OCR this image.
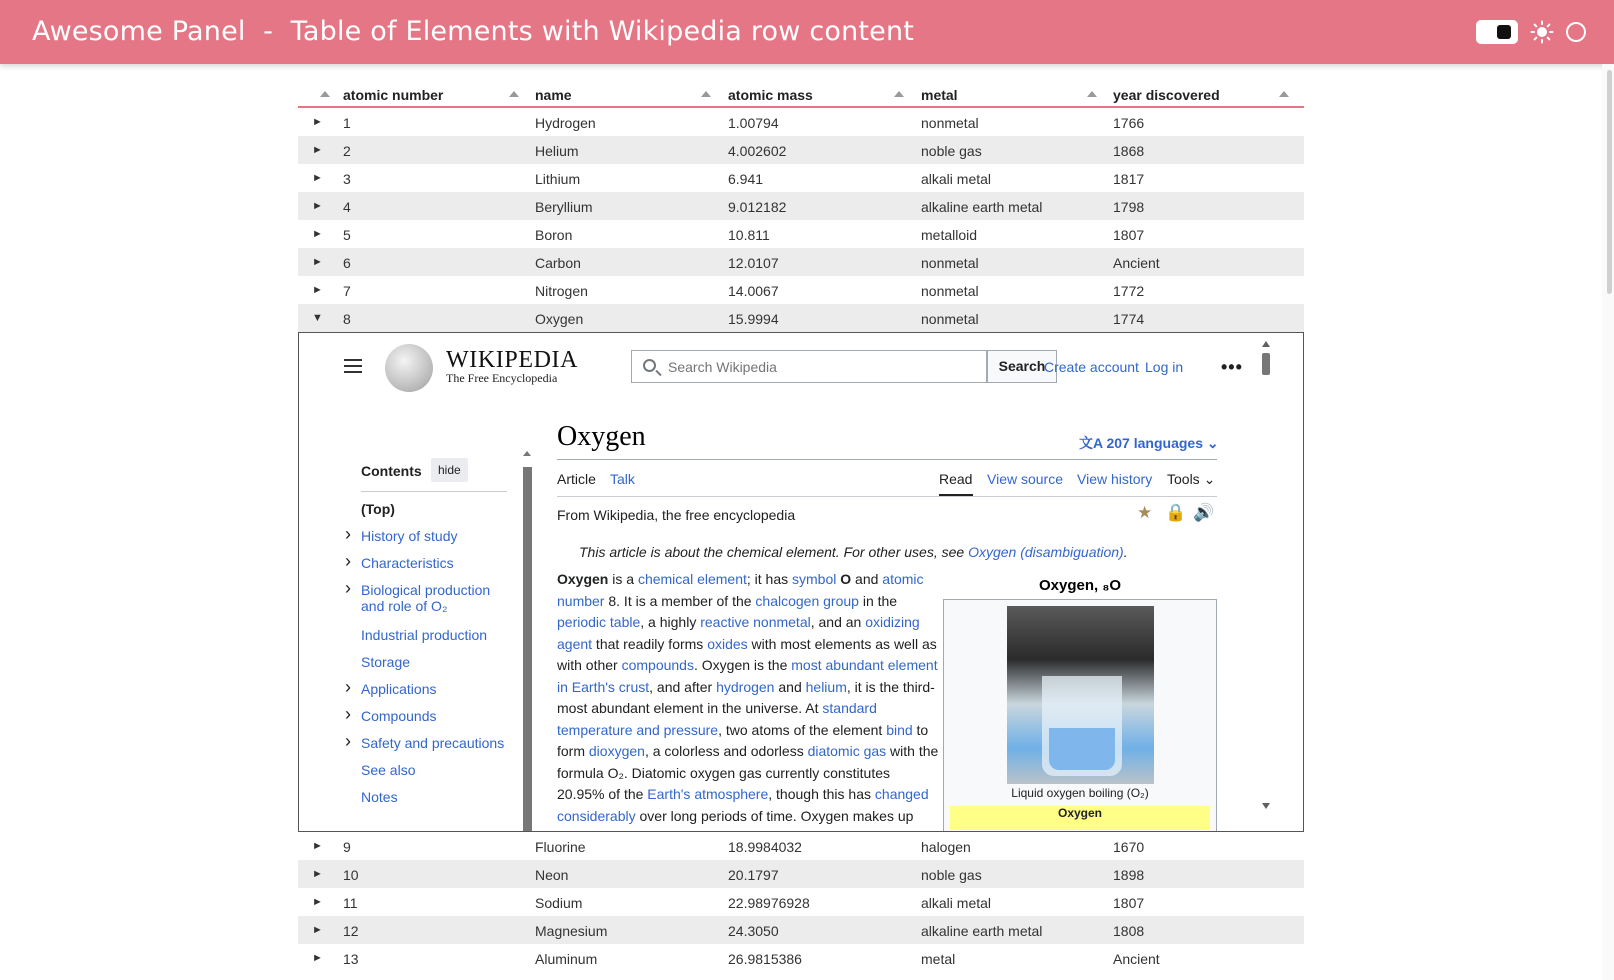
Awesome Panel  -  Table of Elements with Wikipedia row content
atomic number	name	atomic mass	metal	year discovered
► 1	Hydrogen	1.00794	nonmetal	1766
► 2	Helium	4.002602	noble gas	1868
► 3	Lithium	6.941	alkali metal	1817
► 4	Beryllium	9.012182	alkaline earth metal	1798
► 5	Boron	10.811	metalloid	1807
► 6	Carbon	12.0107	nonmetal	Ancient
► 7	Nitrogen	14.0067	nonmetal	1772
▼ 8	Oxygen	15.9994	nonmetal	1774
WIKIPEDIA
The Free Encyclopedia
Search Wikipedia
Search
Create account Log in •••
Contents	hide
(Top)
› History of study
› Characteristics
› Biological production
and role of O₂
Industrial production
Storage
› Applications
› Compounds
› Safety and precautions
See also
Notes
Oxygen	文A 207 languages ⌄
Article Talk	Read View source View history Tools ⌄
From Wikipedia, the free encyclopedia	★ 🔒 🔊
This article is about the chemical element. For other uses, see Oxygen (disambiguation).

Oxygen is a chemical element; it has symbol O and atomic

number 8. It is a member of the chalcogen group in the

periodic table, a highly reactive nonmetal, and an oxidizing

agent that readily forms oxides with most elements as well as

with other compounds. Oxygen is the most abundant element

in Earth's crust, and after hydrogen and helium, it is the third-

most abundant element in the universe. At standard

temperature and pressure, two atoms of the element bind to

form dioxygen, a colorless and odorless diatomic gas with the

formula O₂. Diatomic oxygen gas currently constitutes

20.95% of the Earth's atmosphere, though this has changed

considerably over long periods of time. Oxygen makes up

Oxygen, ₈O
Liquid oxygen boiling (O₂)
Oxygen
► 9	Fluorine	18.9984032	halogen	1670
► 10	Neon	20.1797	noble gas	1898
► 11	Sodium	22.98976928	alkali metal	1807
► 12	Magnesium	24.3050	alkaline earth metal	1808
► 13	Aluminum	26.9815386	metal	Ancient
